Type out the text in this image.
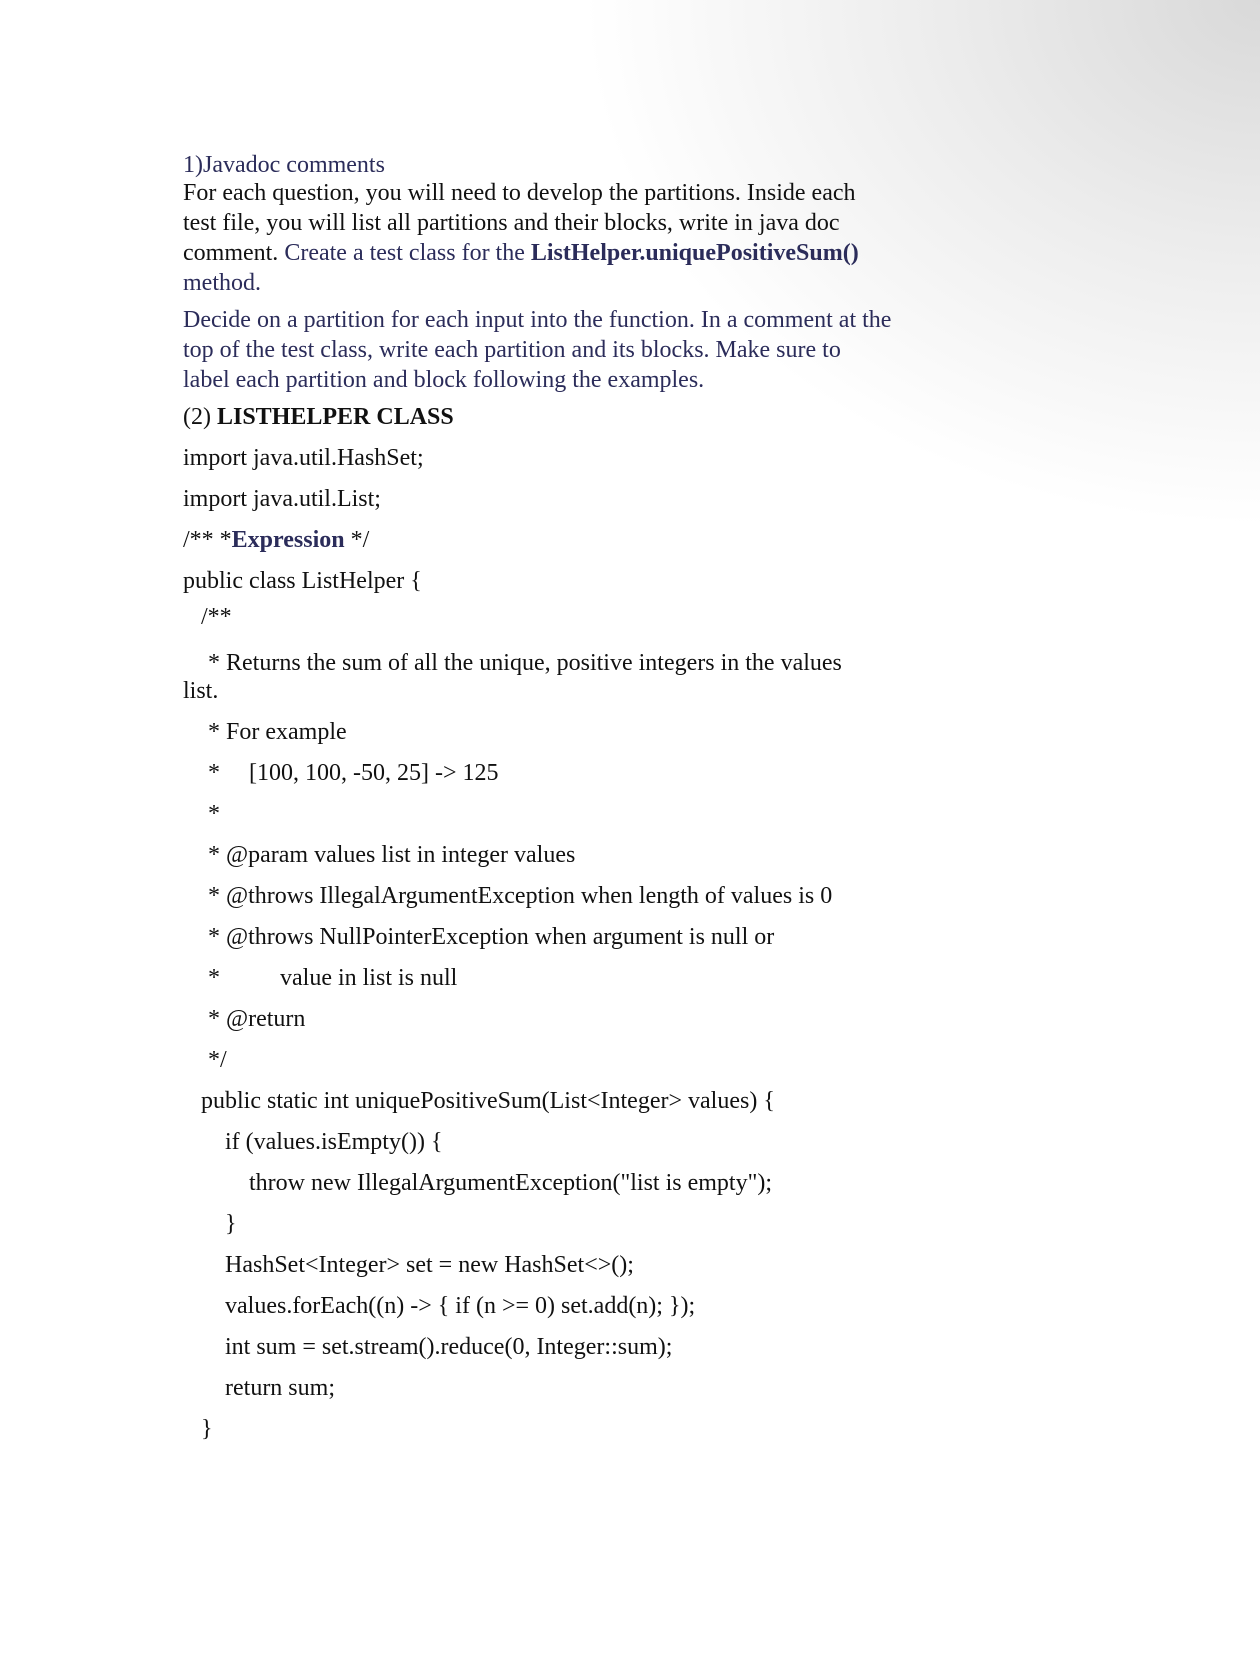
1)Javadoc comments
For each question, you will need to develop the partitions. Inside each test file, you will list all partitions and their blocks, write in java doc comment. Create a test class for the ListHelper.uniquePositiveSum() method.
Decide on a partition for each input into the function. In a comment at the top of the test class, write each partition and its blocks. Make sure to label each partition and block following the examples.
(2) LISTHELPER CLASS
import java.util.HashSet;
import java.util.List;
/** *Expression */
public class ListHelper {
/**
* Returns the sum of all the unique, positive integers in the values
list.
* For example
* [100, 100, -50, 25] -> 125
*
* @param values list in integer values
* @throws IllegalArgumentException when length of values is 0
* @throws NullPointerException when argument is null or
*	value in list is null
* @return
*/
public static int uniquePositiveSum(List<Integer> values) {
if (values.isEmpty()) {
throw new IllegalArgumentException("list is empty");
}
HashSet<Integer> set = new HashSet<>();
values.forEach((n) -> { if (n >= 0) set.add(n); });
int sum = set.stream().reduce(0, Integer::sum);
return sum;
}
